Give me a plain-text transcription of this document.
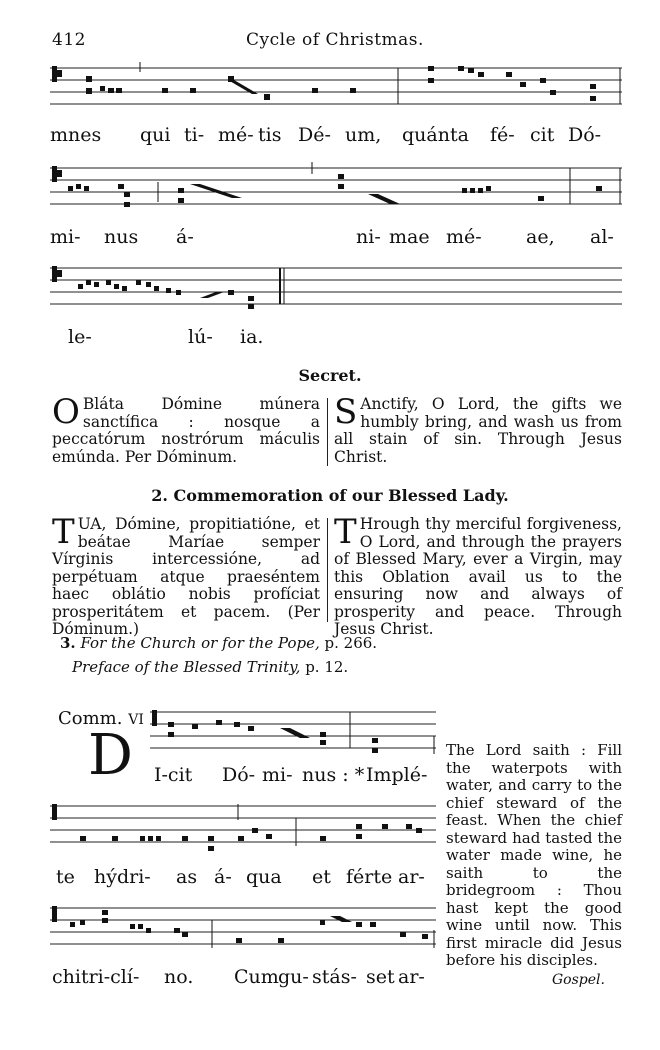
412	Cycle of Christmas.
mnes qui ti- mé- tis Dé- um, quánta fé- cit Dó-
mi- nus á-	ni- mae mé- ae, al-
le-	lú- ia.
Secret.
O Bláta Dómine múnera sanctífica : nosque a peccatórum nostrórum máculis emúnda. Per Dóminum.
S Anctify, O Lord, the gifts we humbly bring, and wash us from all stain of sin. Through Jesus Christ.
2. Commemoration of our Blessed Lady.
TUA, Dómine, propitiatióne, et beátae Maríae semper Vírginis intercessióne, ad perpétuam atque praeséntem haec oblátio nobis profíciat prosperitátem et pacem. (Per Dóminum.)
T Hrough thy merciful forgiveness, O Lord, and through the prayers of Blessed Mary, ever a Virgin, may this Oblation avail us to the ensuring now and always of prosperity and peace. Through Jesus Christ.
3. For the Church or for the Pope, p. 266.
Preface of the Blessed Trinity, p. 12.
Comm. VI
D I-cit Dó- mi- nus : * Implé-
te hýdri- as á- qua et férte ar-
chitri-clí- no. Cum gu- stás- set ar-
The Lord saith : Fill the waterpots with water, and carry to the chief steward of the feast. When the chief steward had tasted the water made wine, he saith to the bridegroom : Thou hast kept the good wine until now. This first miracle did Jesus before his disciples.
Gospel.
